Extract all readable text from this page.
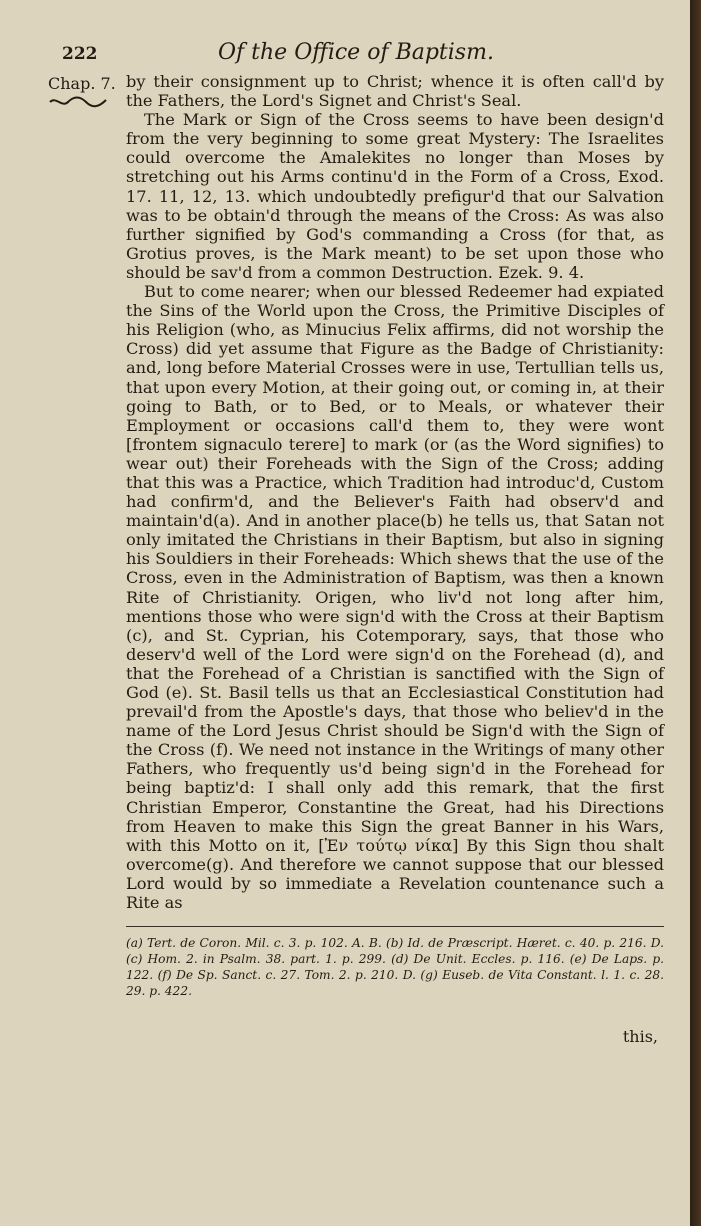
222	Of the Office of Baptism.
Chap. 7. by their consignment up to Christ; whence it is often call'd by the Fathers, the Lord's Signet and Christ's Seal.

The Mark or Sign of the Cross seems to have been design'd from the very beginning to some great Mystery: The Israelites could overcome the Amalekites no longer than Moses by stretching out his Arms continu'd in the Form of a Cross, Exod. 17. 11, 12, 13. which undoubtedly prefigur'd that our Salvation was to be obtain'd through the means of the Cross: As was also further signified by God's commanding a Cross (for that, as Grotius proves, is the Mark meant) to be set upon those who should be sav'd from a common Destruction. Ezek. 9. 4.

But to come nearer; when our blessed Redeemer had expiated the Sins of the World upon the Cross, the Primitive Disciples of his Religion (who, as Minucius Felix affirms, did not worship the Cross) did yet assume that Figure as the Badge of Christianity: and, long before Material Crosses were in use, Tertullian tells us, that upon every Motion, at their going out, or coming in, at their going to Bath, or to Bed, or to Meals, or whatever their Employment or occasions call'd them to, they were wont [frontem signaculo terere] to mark (or (as the Word signifies) to wear out) their Foreheads with the Sign of the Cross; adding that this was a Practice, which Tradition had introduc'd, Custom had confirm'd, and the Believer's Faith had observ'd and maintain'd(a). And in another place(b) he tells us, that Satan not only imitated the Christians in their Baptism, but also in signing his Souldiers in their Foreheads: Which shews that the use of the Cross, even in the Administration of Baptism, was then a known Rite of Christianity. Origen, who liv'd not long after him, mentions those who were sign'd with the Cross at their Baptism (c), and St. Cyprian, his Cotemporary, says, that those who deserv'd well of the Lord were sign'd on the Forehead (d), and that the Forehead of a Christian is sanctified with the Sign of God (e). St. Basil tells us that an Ecclesiastical Constitution had prevail'd from the Apostle's days, that those who believ'd in the name of the Lord Jesus Christ should be Sign'd with the Sign of the Cross (f). We need not instance in the Writings of many other Fathers, who frequently us'd being sign'd in the Forehead for being baptiz'd: I shall only add this remark, that the first Christian Emperor, Constantine the Great, had his Directions from Heaven to make this Sign the great Banner in his Wars, with this Motto on it, [Ἐν τούτῳ νίκα] By this Sign thou shalt overcome(g). And therefore we cannot suppose that our blessed Lord would by so immediate a Revelation countenance such a Rite as

(a) Tert. de Coron. Mil. c. 3. p. 102. A. B. (b) Id. de Præscript. Hæret. c. 40. p. 216. D. (c) Hom. 2. in Psalm. 38. part. 1. p. 299. (d) De Unit. Eccles. p. 116. (e) De Laps. p. 122. (f) De Sp. Sanct. c. 27. Tom. 2. p. 210. D. (g) Euseb. de Vita Constant. l. 1. c. 28. 29. p. 422.
this,
